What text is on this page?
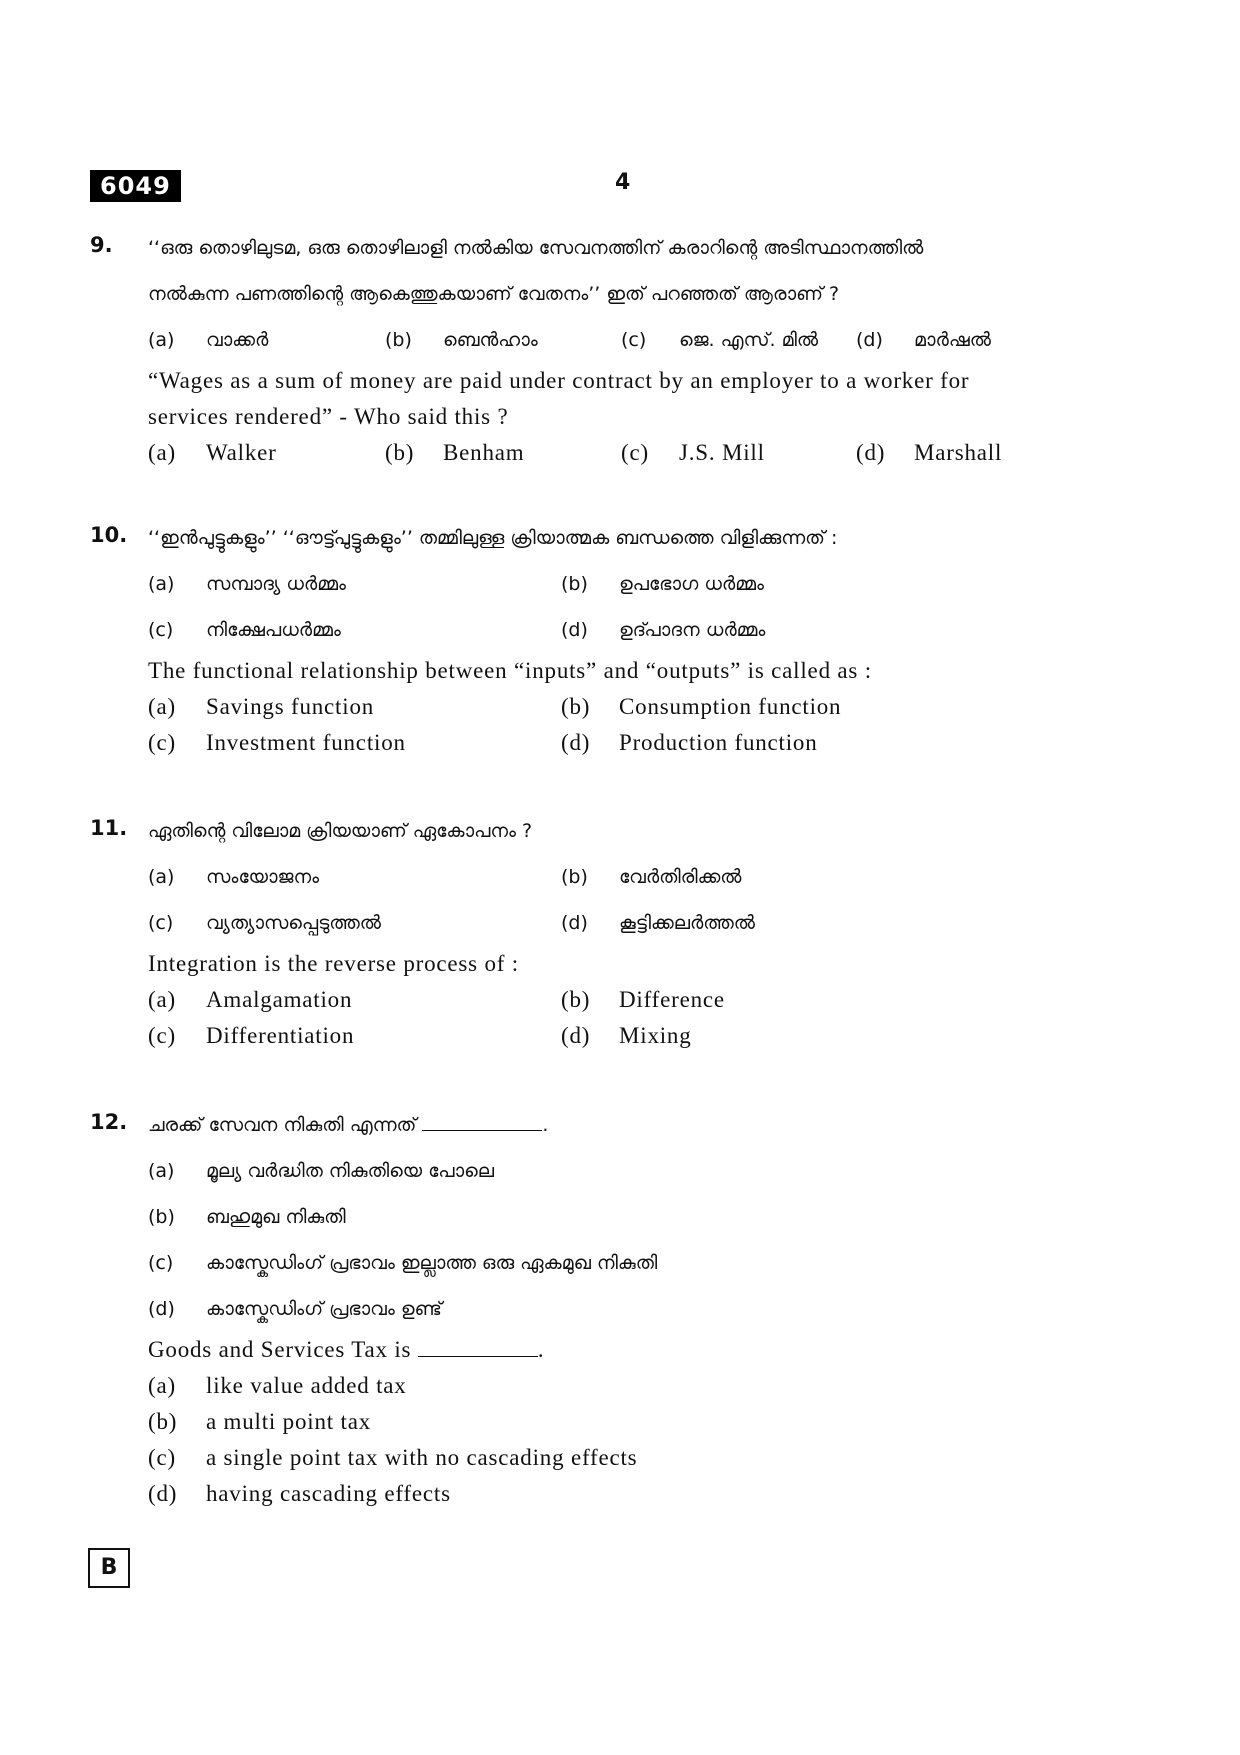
6049	4
9. ‘‘ഒരു തൊഴിലുടമ, ഒരു തൊഴിലാളി നൽകിയ സേവനത്തിന് കരാറിന്റെ അടിസ്ഥാനത്തിൽ
നൽകുന്ന പണത്തിന്റെ ആകെത്തുകയാണ് വേതനം’’ ഇത് പറഞ്ഞത് ആരാണ് ?
(a)	വാക്കർ	(b)	ബെൻഹാം	(c)	ജെ. എസ്. മിൽ (d)	മാർഷൽ
“Wages as a sum of money are paid under contract by an employer to a worker for
services rendered” - Who said this ?
(a)	Walker	(b)	Benham	(c)	J.S. Mill	(d)	Marshall
10. ‘‘ഇൻപുട്ടുകളും’’ ‘‘ഔട്ട്പുട്ടുകളും’’ തമ്മിലുള്ള ക്രിയാത്മക ബന്ധത്തെ വിളിക്കുന്നത് :
(a)	സമ്പാദ്യ ധർമ്മം	(b)	ഉപഭോഗ ധർമ്മം
(c)	നിക്ഷേപധർമ്മം	(d)	ഉദ്പാദന ധർമ്മം
The functional relationship between “inputs” and “outputs” is called as :
(a)	Savings function	(b)	Consumption function
(c)	Investment function	(d)	Production function
11. ഏതിന്റെ വിലോമ ക്രിയയാണ് ഏകോപനം ?
(a)	സംയോജനം	(b)	വേർതിരിക്കൽ
(c)	വ്യത്യാസപ്പെടുത്തൽ	(d)	കൂട്ടിക്കലർത്തൽ
Integration is the reverse process of :
(a)	Amalgamation	(b)	Difference
(c)	Differentiation	(d)	Mixing
12. ചരക്ക് സേവന നികുതി എന്നത്	.
(a)	മൂല്യ വർദ്ധിത നികുതിയെ പോലെ
(b)	ബഹുമുഖ നികുതി
(c)	കാസ്കേഡിംഗ് പ്രഭാവം ഇല്ലാത്ത ഒരു ഏകമുഖ നികുതി
(d)	കാസ്കേഡിംഗ് പ്രഭാവം ഉണ്ട്
Goods and Services Tax is	.
(a)	like value added tax
(b)	a multi point tax
(c)	a single point tax with no cascading effects
(d)	having cascading effects
B
